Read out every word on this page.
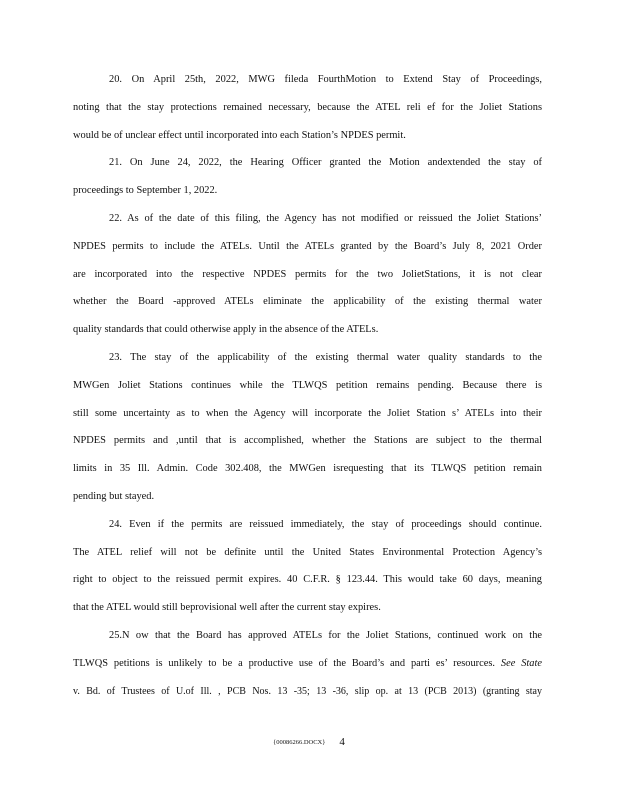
20. On April 25th, 2022, MWG fileda FourthMotion to Extend Stay of Proceedings,
noting that the stay protections remained necessary, because the ATEL reli ef for the Joliet Stations
would be of unclear effect until incorporated into each Station’s NPDES permit.
21. On June 24, 2022, the Hearing Officer granted the Motion andextended the stay of
proceedings to September 1, 2022.
22. As of the date of this filing, the Agency has not modified or reissued the Joliet Stations’
NPDES permits to include the ATELs. Until the ATELs granted by the Board’s July 8, 2021 Order
are incorporated into the respective NPDES permits for the two JolietStations, it is not clear
whether the Board -approved ATELs eliminate the applicability of the existing thermal water
quality standards that could otherwise apply in the absence of the ATELs.
23. The stay of the applicability of the existing thermal water quality standards to the
MWGen Joliet Stations continues while the TLWQS petition remains pending. Because there is
still some uncertainty as to when the Agency will incorporate the Joliet Station s’ ATELs into their
NPDES permits and ,until that is accomplished, whether the Stations are subject to the thermal
limits in 35 Ill. Admin. Code 302.408, the MWGen isrequesting that its TLWQS petition remain
pending but stayed.
24. Even if the permits are reissued immediately, the stay of proceedings should continue.
The ATEL relief will not be definite until the United States Environmental Protection Agency’s
right to object to the reissued permit expires. 40 C.F.R. § 123.44. This would take 60 days, meaning
that the ATEL would still beprovisional well after the current stay expires.
25.N ow that the Board has approved ATELs for the Joliet Stations, continued work on the
TLWQS petitions is unlikely to be a productive use of the Board’s and parti es’ resources. See State
v. Bd. of Trustees of U.of Ill. , PCB Nos. 13 -35; 13 -36, slip op. at 13 (PCB 2013) (granting stay
{00086266.DOCX} 4
